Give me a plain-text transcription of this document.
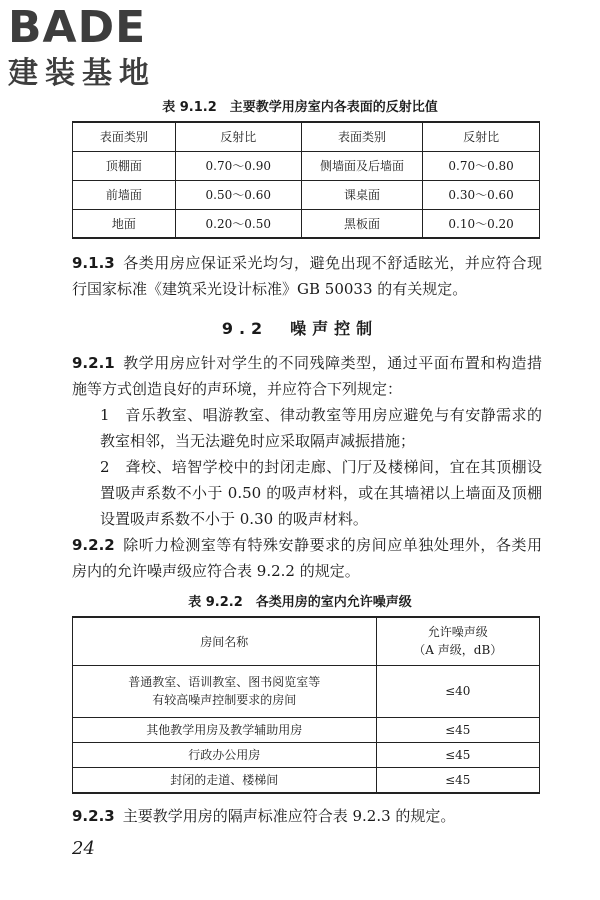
BADE
建装基地
表 9.1.2　主要教学用房室内各表面的反射比值
表面类别	反射比	表面类别	反射比
顶棚面	0.70～0.90	侧墙面及后墙面	0.70～0.80
前墙面	0.50～0.60	课桌面	0.30～0.60
地面	0.20～0.50	黑板面	0.10～0.20
9.1.3 各类用房应保证采光均匀，避免出现不舒适眩光，并应符合现行国家标准《建筑采光设计标准》GB 50033 的有关规定。
9.2　噪声控制
9.2.1 教学用房应针对学生的不同残障类型，通过平面布置和构造措施等方式创造良好的声环境，并应符合下列规定：
1　音乐教室、唱游教室、律动教室等用房应避免与有安静需求的教室相邻，当无法避免时应采取隔声减振措施；
2　聋校、培智学校中的封闭走廊、门厅及楼梯间，宜在其顶棚设置吸声系数不小于 0.50 的吸声材料，或在其墙裙以上墙面及顶棚设置吸声系数不小于 0.30 的吸声材料。
9.2.2 除听力检测室等有特殊安静要求的房间应单独处理外，各类用房内的允许噪声级应符合表 9.2.2 的规定。
表 9.2.2　各类用房的室内允许噪声级
房间名称	允许噪声级
（A 声级，dB）

普通教室、语训教室、图书阅览室等
有较高噪声控制要求的房间	≤40
其他教学用房及教学辅助用房	≤45
行政办公用房	≤45
封闭的走道、楼梯间	≤45
9.2.3 主要教学用房的隔声标准应符合表 9.2.3 的规定。
24
